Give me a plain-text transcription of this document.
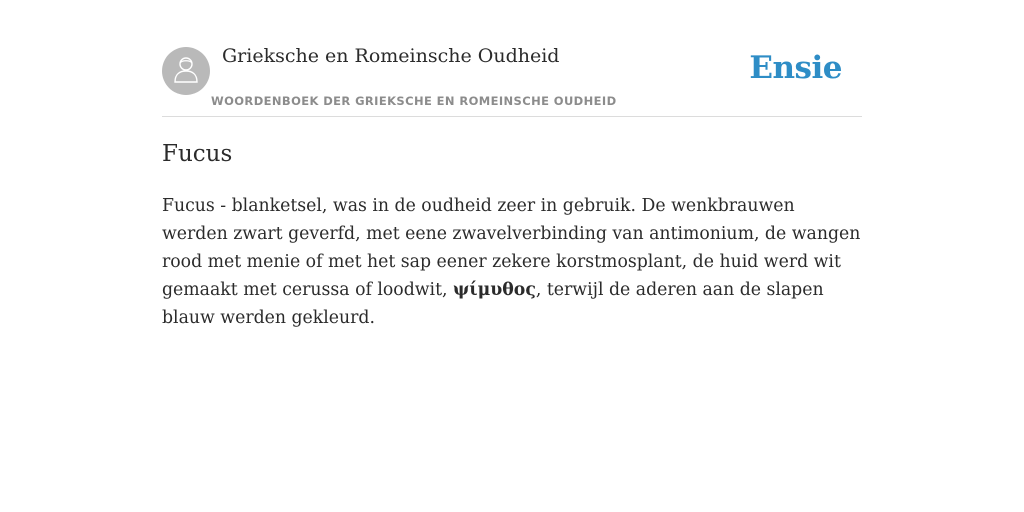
Grieksche en Romeinsche Oudheid
WOORDENBOEK DER GRIEKSCHE EN ROMEINSCHE OUDHEID
Ensie
Fucus

Fucus - blanketsel, was in de oudheid zeer in gebruik. De wenkbrauwen werden zwart geverfd, met eene zwavelverbinding van antimonium, de wangen rood met menie of met het sap eener zekere korstmosplant, de huid werd wit gemaakt met cerussa of loodwit, ψίμυθος, terwijl de aderen aan de slapen blauw werden gekleurd.
